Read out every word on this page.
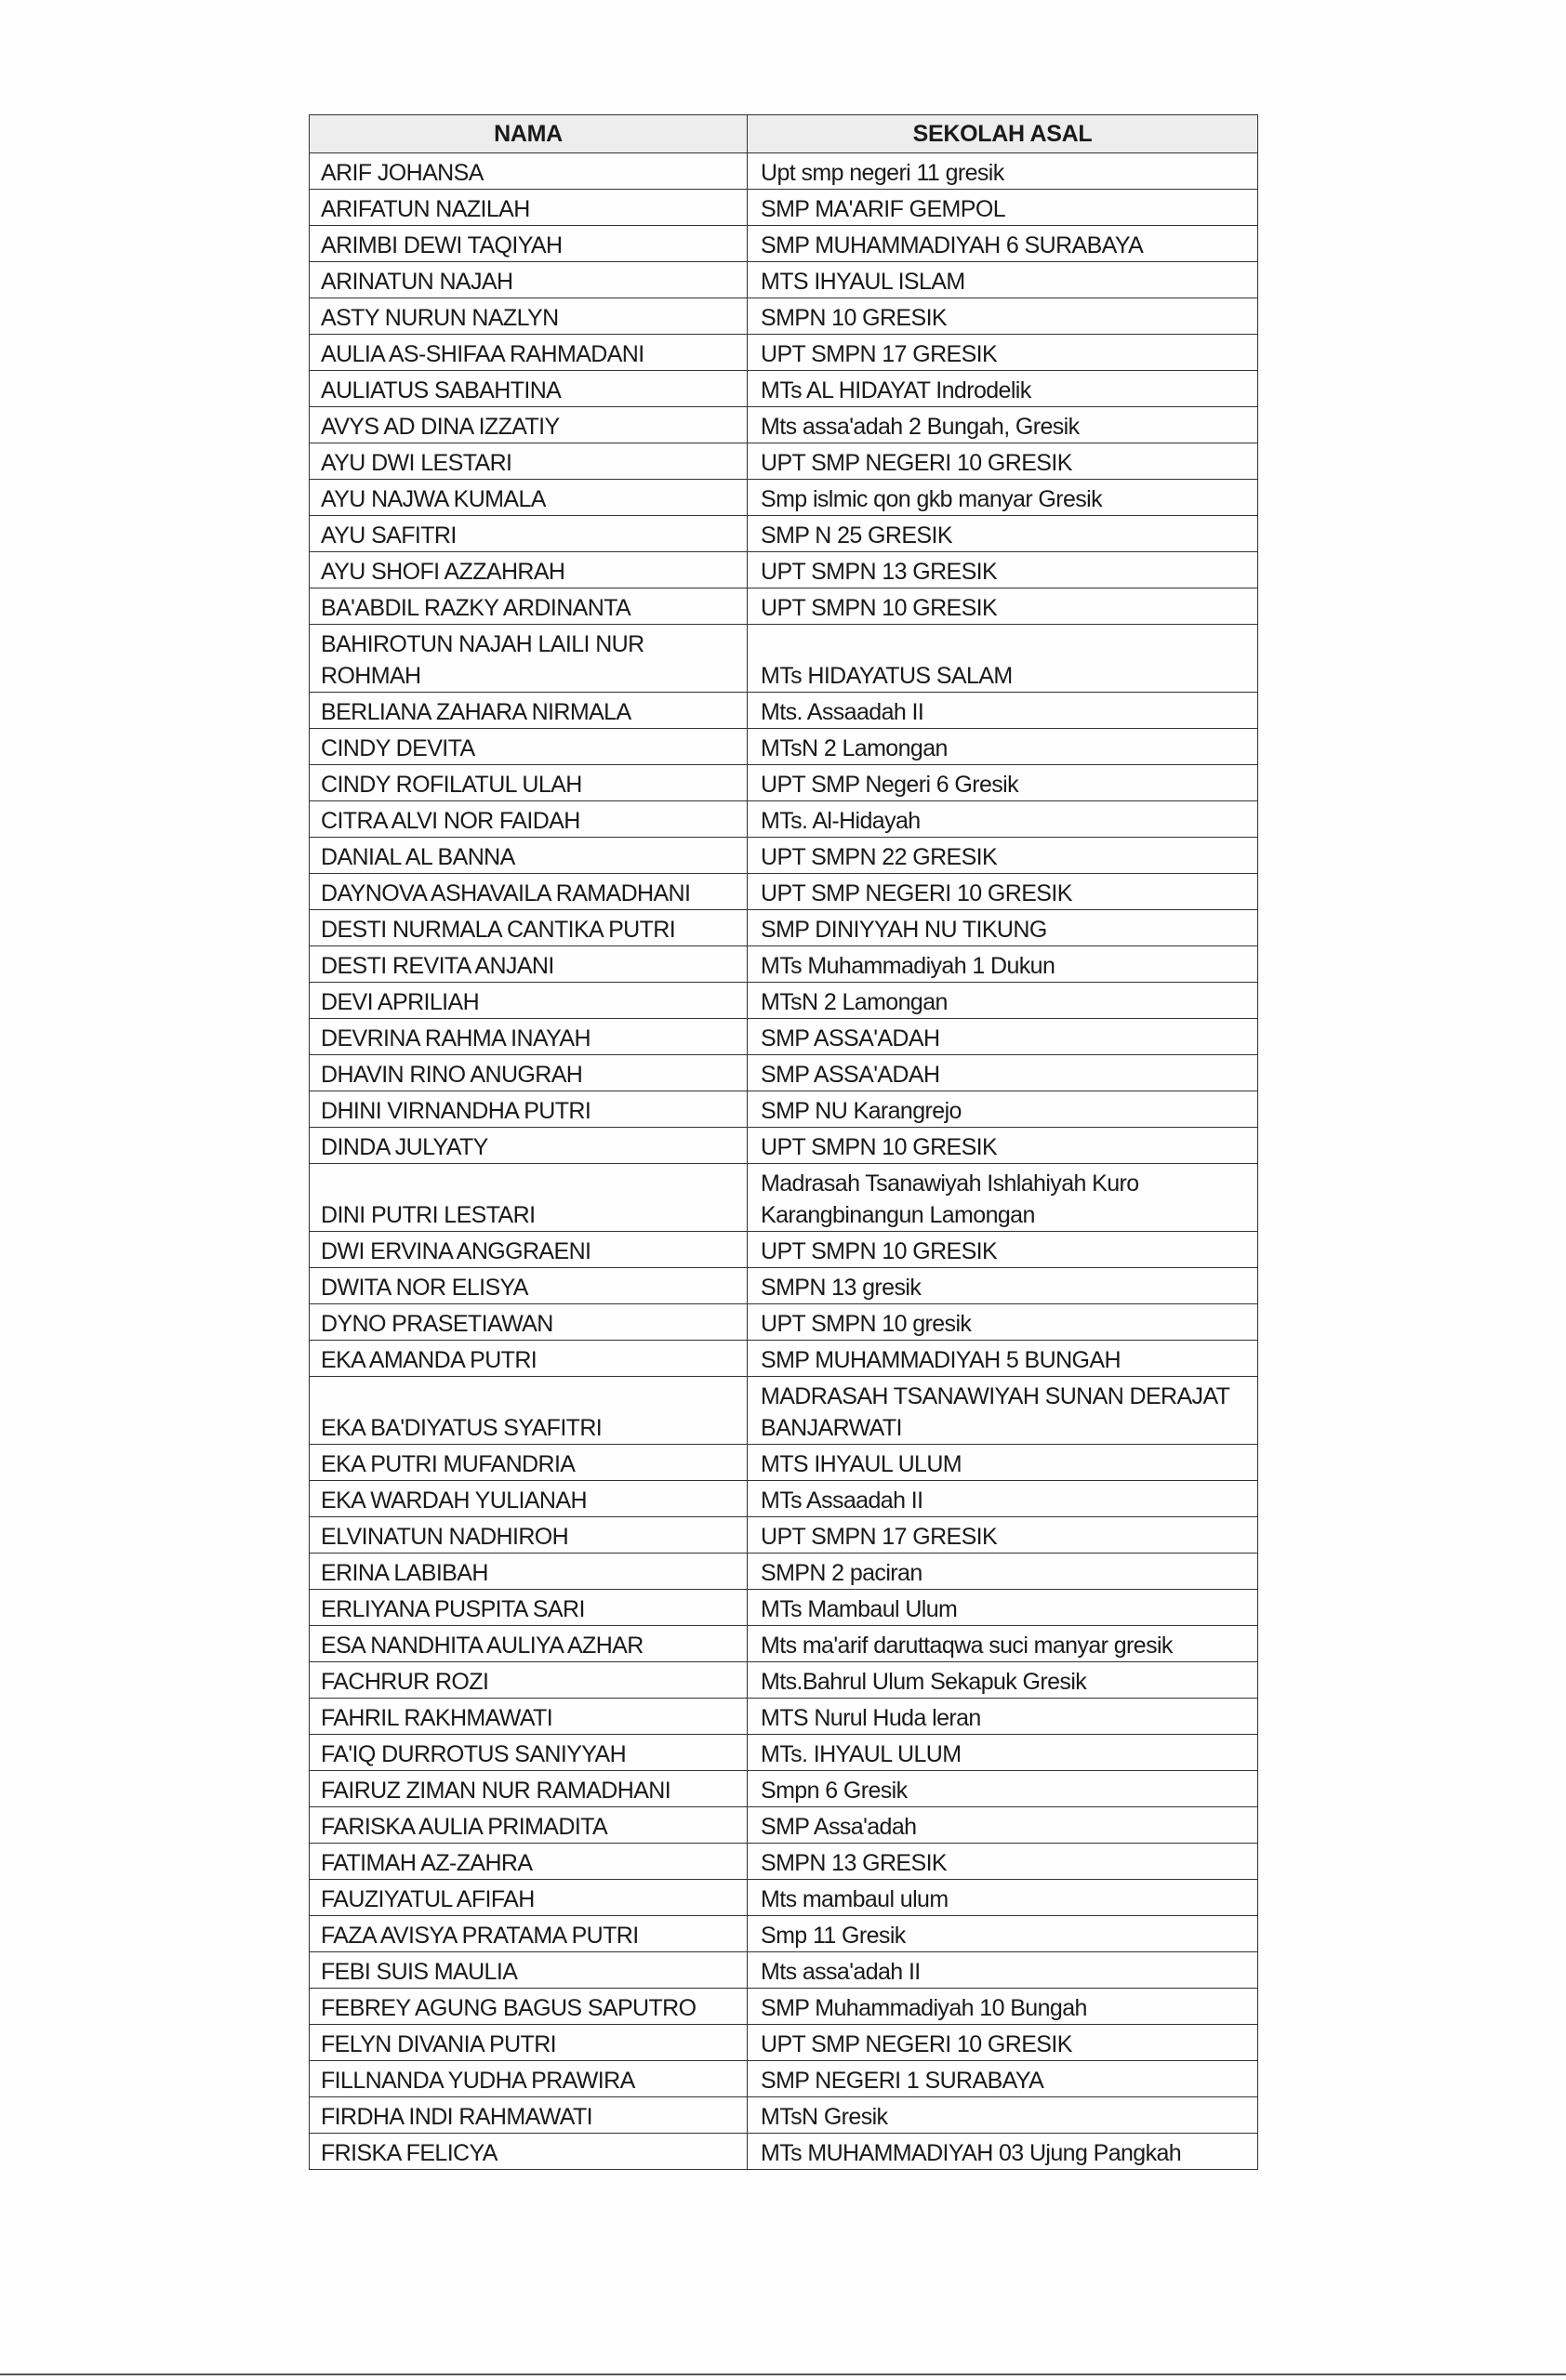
NAMA	SEKOLAH ASAL
ARIF JOHANSA	Upt smp negeri 11 gresik
ARIFATUN NAZILAH	SMP MA'ARIF GEMPOL
ARIMBI DEWI TAQIYAH	SMP MUHAMMADIYAH 6 SURABAYA
ARINATUN NAJAH	MTS IHYAUL ISLAM
ASTY NURUN NAZLYN	SMPN 10 GRESIK
AULIA AS-SHIFAA RAHMADANI	UPT SMPN 17 GRESIK
AULIATUS SABAHTINA	MTs AL HIDAYAT Indrodelik
AVYS AD DINA IZZATIY	Mts assa'adah 2 Bungah, Gresik
AYU DWI LESTARI	UPT SMP NEGERI 10 GRESIK
AYU NAJWA KUMALA	Smp islmic qon gkb manyar Gresik
AYU SAFITRI	SMP N 25 GRESIK
AYU SHOFI AZZAHRAH	UPT SMPN 13 GRESIK
BA'ABDIL RAZKY ARDINANTA	UPT SMPN 10 GRESIK
BAHIROTUN NAJAH LAILI NUR ROHMAH	MTs HIDAYATUS SALAM
BERLIANA ZAHARA NIRMALA	Mts. Assaadah II
CINDY DEVITA	MTsN 2 Lamongan
CINDY ROFILATUL ULAH	UPT SMP Negeri 6 Gresik
CITRA ALVI NOR FAIDAH	MTs. Al-Hidayah
DANIAL AL BANNA	UPT SMPN 22 GRESIK
DAYNOVA ASHAVAILA RAMADHANI	UPT SMP NEGERI 10 GRESIK
DESTI NURMALA CANTIKA PUTRI	SMP DINIYYAH NU TIKUNG
DESTI REVITA ANJANI	MTs Muhammadiyah 1 Dukun
DEVI APRILIAH	MTsN 2 Lamongan
DEVRINA RAHMA INAYAH	SMP ASSA'ADAH
DHAVIN RINO ANUGRAH	SMP ASSA'ADAH
DHINI VIRNANDHA PUTRI	SMP NU Karangrejo
DINDA JULYATY	UPT SMPN 10 GRESIK
DINI PUTRI LESTARI	Madrasah Tsanawiyah Ishlahiyah Kuro Karangbinangun Lamongan
DWI ERVINA ANGGRAENI	UPT SMPN 10 GRESIK
DWITA NOR ELISYA	SMPN 13 gresik
DYNO PRASETIAWAN	UPT SMPN 10 gresik
EKA AMANDA PUTRI	SMP MUHAMMADIYAH 5 BUNGAH
EKA BA'DIYATUS SYAFITRI	MADRASAH TSANAWIYAH SUNAN DERAJAT BANJARWATI
EKA PUTRI MUFANDRIA	MTS IHYAUL ULUM
EKA WARDAH YULIANAH	MTs Assaadah II
ELVINATUN NADHIROH	UPT SMPN 17 GRESIK
ERINA LABIBAH	SMPN 2 paciran
ERLIYANA PUSPITA SARI	MTs Mambaul Ulum
ESA NANDHITA AULIYA AZHAR	Mts ma'arif daruttaqwa suci manyar gresik
FACHRUR ROZI	Mts.Bahrul Ulum Sekapuk Gresik
FAHRIL RAKHMAWATI	MTS Nurul Huda leran
FA'IQ DURROTUS SANIYYAH	MTs. IHYAUL ULUM
FAIRUZ ZIMAN NUR RAMADHANI	Smpn 6 Gresik
FARISKA AULIA PRIMADITA	SMP Assa'adah
FATIMAH AZ-ZAHRA	SMPN 13 GRESIK
FAUZIYATUL AFIFAH	Mts mambaul ulum
FAZA AVISYA PRATAMA PUTRI	Smp 11 Gresik
FEBI SUIS MAULIA	Mts assa'adah II
FEBREY AGUNG BAGUS SAPUTRO	SMP Muhammadiyah 10 Bungah
FELYN DIVANIA PUTRI	UPT SMP NEGERI 10 GRESIK
FILLNANDA YUDHA PRAWIRA	SMP NEGERI 1 SURABAYA
FIRDHA INDI RAHMAWATI	MTsN Gresik
FRISKA FELICYA	MTs MUHAMMADIYAH 03 Ujung Pangkah
